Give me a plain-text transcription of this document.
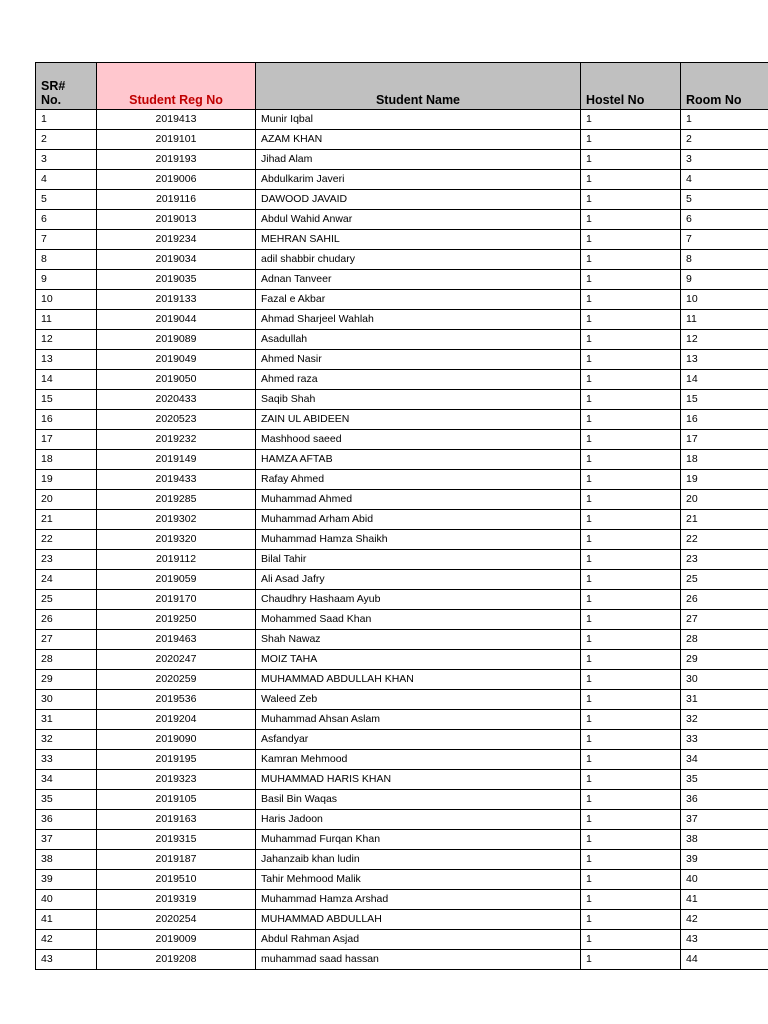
SR#
No.	Student Reg No	Student Name	Hostel No	Room No
1	2019413	Munir Iqbal	1	1
2	2019101	AZAM KHAN	1	2
3	2019193	Jihad Alam	1	3
4	2019006	Abdulkarim Javeri	1	4
5	2019116	DAWOOD JAVAID	1	5
6	2019013	Abdul Wahid Anwar	1	6
7	2019234	MEHRAN SAHIL	1	7
8	2019034	adil shabbir chudary	1	8
9	2019035	Adnan Tanveer	1	9
10	2019133	Fazal e Akbar	1	10
11	2019044	Ahmad Sharjeel Wahlah	1	11
12	2019089	Asadullah	1	12
13	2019049	Ahmed Nasir	1	13
14	2019050	Ahmed raza	1	14
15	2020433	Saqib Shah	1	15
16	2020523	ZAIN UL ABIDEEN	1	16
17	2019232	Mashhood saeed	1	17
18	2019149	HAMZA AFTAB	1	18
19	2019433	Rafay Ahmed	1	19
20	2019285	Muhammad Ahmed	1	20
21	2019302	Muhammad Arham Abid	1	21
22	2019320	Muhammad Hamza Shaikh	1	22
23	2019112	Bilal Tahir	1	23
24	2019059	Ali Asad Jafry	1	25
25	2019170	Chaudhry Hashaam Ayub	1	26
26	2019250	Mohammed Saad Khan	1	27
27	2019463	Shah Nawaz	1	28
28	2020247	MOIZ TAHA	1	29
29	2020259	MUHAMMAD ABDULLAH KHAN	1	30
30	2019536	Waleed Zeb	1	31
31	2019204	Muhammad Ahsan Aslam	1	32
32	2019090	Asfandyar	1	33
33	2019195	Kamran Mehmood	1	34
34	2019323	MUHAMMAD HARIS KHAN	1	35
35	2019105	Basil Bin Waqas	1	36
36	2019163	Haris Jadoon	1	37
37	2019315	Muhammad Furqan Khan	1	38
38	2019187	Jahanzaib khan ludin	1	39
39	2019510	Tahir Mehmood Malik	1	40
40	2019319	Muhammad Hamza Arshad	1	41
41	2020254	MUHAMMAD ABDULLAH	1	42
42	2019009	Abdul Rahman Asjad	1	43
43	2019208	muhammad saad hassan	1	44
